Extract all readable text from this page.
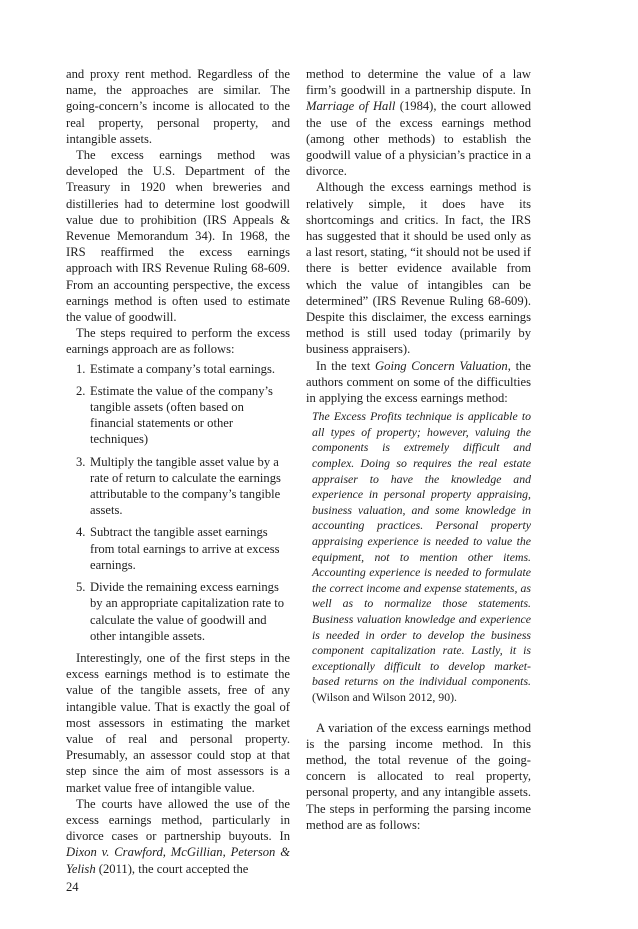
and proxy rent method. Regardless of the name, the approaches are similar. The going-concern’s income is allocated to the real property, personal property, and intangible assets.

The excess earnings method was developed the U.S. Department of the Treasury in 1920 when breweries and distilleries had to determine lost goodwill value due to prohibition (IRS Appeals & Revenue Memorandum 34). In 1968, the IRS reaffirmed the excess earnings approach with IRS Revenue Ruling 68-609. From an accounting perspective, the excess earnings method is often used to estimate the value of goodwill.

The steps required to perform the excess earnings approach are as follows:

1. Estimate a company’s total earnings.
2. Estimate the value of the company’s tangible assets (often based on financial statements or other techniques)
3. Multiply the tangible asset value by a rate of return to calculate the earnings attributable to the company’s tangible assets.
4. Subtract the tangible asset earnings from total earnings to arrive at excess earnings.
5. Divide the remaining excess earnings by an appropriate capitalization rate to calculate the value of goodwill and other intangible assets.

Interestingly, one of the first steps in the excess earnings method is to estimate the value of the tangible assets, free of any intangible value. That is exactly the goal of most assessors in estimating the market value of real and personal property. Presumably, an assessor could stop at that step since the aim of most assessors is a market value free of intangible value.

The courts have allowed the use of the excess earnings method, particularly in divorce cases or partnership buyouts. In Dixon v. Crawford, McGillian, Peterson & Yelish (2011), the court accepted the

method to determine the value of a law firm’s goodwill in a partnership dispute. In Marriage of Hall (1984), the court allowed the use of the excess earnings method (among other methods) to establish the goodwill value of a physician’s practice in a divorce.

Although the excess earnings method is relatively simple, it does have its shortcomings and critics. In fact, the IRS has suggested that it should be used only as a last resort, stating, “it should not be used if there is better evidence available from which the value of intangibles can be determined” (IRS Revenue Ruling 68-609). Despite this disclaimer, the excess earnings method is still used today (primarily by business appraisers).

In the text Going Concern Valuation, the authors comment on some of the difficulties in applying the excess earnings method:

The Excess Profits technique is applicable to all types of property; however, valuing the components is extremely difficult and complex. Doing so requires the real estate appraiser to have the knowledge and experience in personal property appraising, business valuation, and some knowledge in accounting practices. Personal property appraising experience is needed to value the equipment, not to mention other items. Accounting experience is needed to formulate the correct income and expense statements, as well as to normalize those statements. Business valuation knowledge and experience is needed in order to develop the business component capitalization rate. Lastly, it is exceptionally difficult to develop market-based returns on the individual components. (Wilson and Wilson 2012, 90).

A variation of the excess earnings method is the parsing income method. In this method, the total revenue of the going-concern is allocated to real property, personal property, and any intangible assets. The steps in performing the parsing income method are as follows:

24
